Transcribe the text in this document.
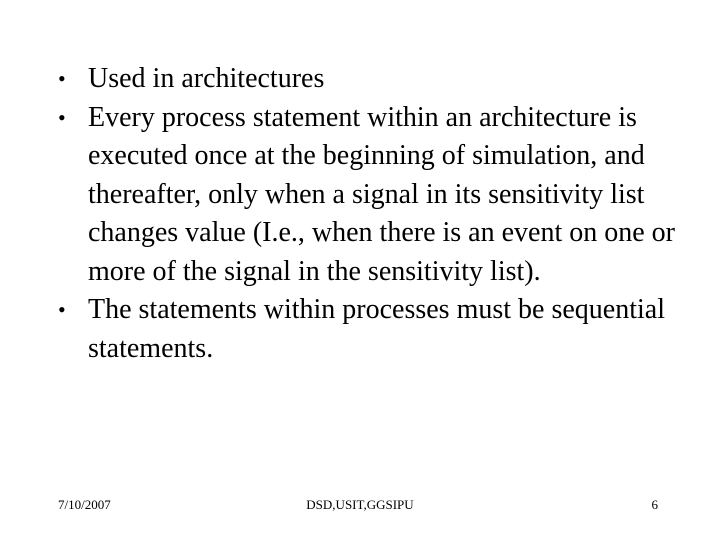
• Used in architectures
• Every process statement within an architecture is executed once at the beginning of simulation, and thereafter, only when a signal in its sensitivity list changes value (I.e., when there is an event on one or more of the signal in the sensitivity list).
• The statements within processes must be sequential statements.
7/10/2007	DSD,USIT,GGSIPU	6
